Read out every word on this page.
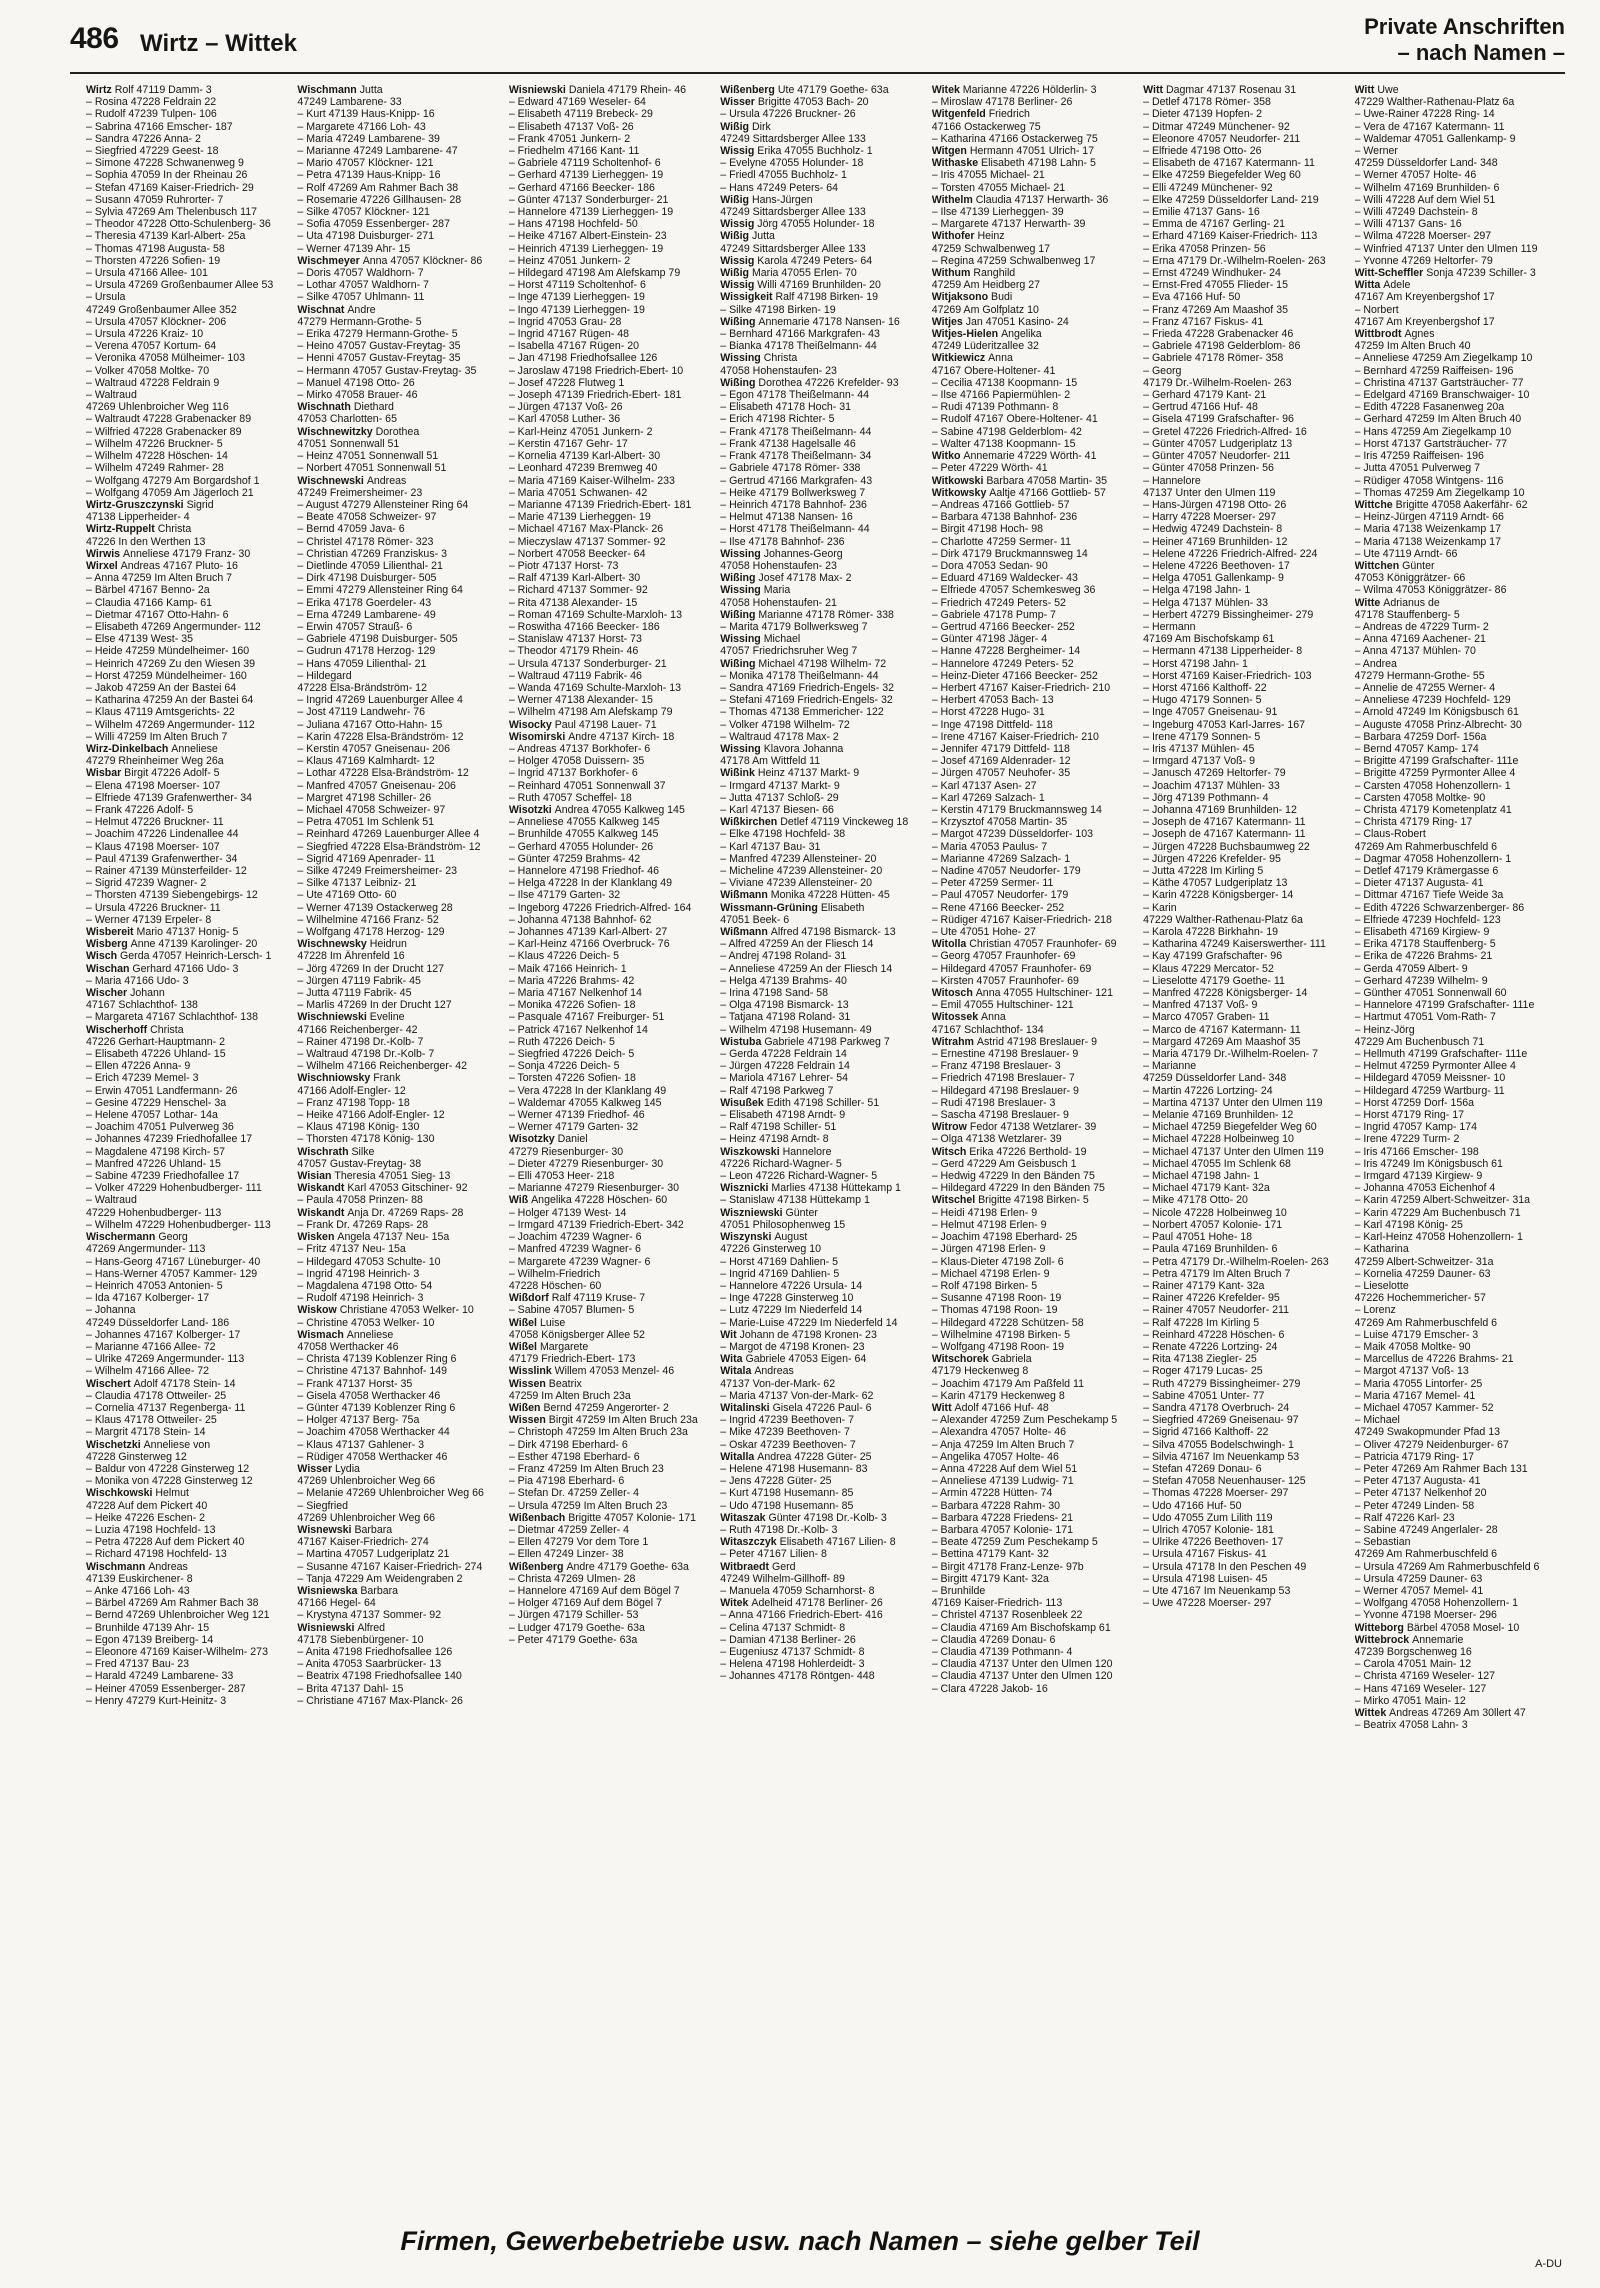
486 Wirtz – Wittek
Private Anschriften
– nach Namen –
Wirtz Rolf 47119 Damm- 3
– Rosina 47228 Feldrain 22
– Rudolf 47239 Tulpen- 106
– Sabrina 47166 Emscher- 187
– Sandra 47226 Anna- 2
– Siegfried 47229 Geest- 18
– Simone 47228 Schwanenweg 9
– Sophia 47059 In der Rheinau 26
– Stefan 47169 Kaiser-Friedrich- 29
– Susann 47059 Ruhrorter- 7
– Sylvia 47269 Am Thelenbusch 117
– Theodor 47228 Otto-Schulenberg- 36
– Theresia 47139 Karl-Albert- 25a
– Thomas 47198 Augusta- 58
– Thorsten 47226 Sofien- 19
– Ursula 47166 Allee- 101
– Ursula 47269 Großenbaumer Allee 53
– Ursula
47249 Großenbaumer Allee 352
– Ursula 47057 Klöckner- 206
– Ursula 47226 Kraiz- 10
– Verena 47057 Kortum- 64
– Veronika 47058 Mülheimer- 103
– Volker 47058 Moltke- 70
– Waltraud 47228 Feldrain 9
– Waltraud
47269 Uhlenbroicher Weg 116
– Waltraudt 47228 Grabenacker 89
– Wilfried 47228 Grabenacker 89
– Wilhelm 47226 Bruckner- 5
– Wilhelm 47228 Höschen- 14
– Wilhelm 47249 Rahmer- 28
– Wolfgang 47279 Am Borgardshof 1
– Wolfgang 47059 Am Jägerloch 21
Wirtz-Gruszczynski Sigrid
47138 Lipperheider- 4
Wirtz-Ruppelt Christa
47226 In den Werthen 13
Wirwis Anneliese 47179 Franz- 30
Wirxel Andreas 47167 Pluto- 16
– Anna 47259 Im Alten Bruch 7
– Bärbel 47167 Benno- 2a
– Claudia 47166 Kamp- 61
– Dietmar 47167 Otto-Hahn- 6
– Elisabeth 47269 Angermunder- 112
– Else 47139 West- 35
– Heide 47259 Mündelheimer- 160
– Heinrich 47269 Zu den Wiesen 39
– Horst 47259 Mündelheimer- 160
– Jakob 47259 An der Bastei 64
– Katharina 47259 An der Bastei 64
– Klaus 47119 Amtsgerichts- 22
– Wilhelm 47269 Angermunder- 112
– Willi 47259 Im Alten Bruch 7
Wirz-Dinkelbach Anneliese
47279 Rheinheimer Weg 26a
Wisbar Birgit 47226 Adolf- 5
– Elena 47198 Moerser- 107
– Elfriede 47139 Grafenwerther- 34
– Frank 47226 Adolf- 5
– Helmut 47226 Bruckner- 11
– Joachim 47226 Lindenallee 44
– Klaus 47198 Moerser- 107
– Paul 47139 Grafenwerther- 34
– Rainer 47139 Münsterfeilder- 12
– Sigrid 47239 Wagner- 2
– Thorsten 47139 Siebengebirgs- 12
– Ursula 47226 Bruckner- 11
– Werner 47139 Erpeler- 8
Wisbereit Mario 47137 Honig- 5
Wisberg Anne 47139 Karolinger- 20
Wisch Gerda 47057 Heinrich-Lersch- 1
Wischan Gerhard 47166 Udo- 3
– Maria 47166 Udo- 3
Wischer Johann
47167 Schlachthof- 138
– Margareta 47167 Schlachthof- 138
Wischerhoff Christa
47226 Gerhart-Hauptmann- 2
– Elisabeth 47226 Uhland- 15
– Ellen 47226 Anna- 9
– Erich 47239 Memel- 3
– Erwin 47051 Landfermann- 26
– Gesine 47229 Henschel- 3a
– Helene 47057 Lothar- 14a
– Joachim 47051 Pulverweg 36
– Johannes 47239 Friedhofallee 17
– Magdalene 47198 Kirch- 57
– Manfred 47226 Uhland- 15
– Sabine 47239 Friedhofallee 17
– Volker 47229 Hohenbudberger- 111
– Waltraud
47229 Hohenbudberger- 113
– Wilhelm 47229 Hohenbudberger- 113
Wischermann Georg
47269 Angermunder- 113
– Hans-Georg 47167 Lüneburger- 40
– Hans-Werner 47057 Kammer- 129
– Heinrich 47053 Antonien- 5
– Ida 47167 Kolberger- 17
– Johanna
47249 Düsseldorfer Land- 186
– Johannes 47167 Kolberger- 17
– Marianne 47166 Allee- 72
– Ulrike 47269 Angermunder- 113
– Wilhelm 47166 Allee- 72
Wischert Adolf 47178 Stein- 14
– Claudia 47178 Ottweiler- 25
– Cornelia 47137 Regenberga- 11
– Klaus 47178 Ottweiler- 25
– Margrit 47178 Stein- 14
Wischetzki Anneliese von
47228 Ginsterweg 12
– Baldur von 47228 Ginsterweg 12
– Monika von 47228 Ginsterweg 12
Wischkowski Helmut
47228 Auf dem Pickert 40
– Heike 47226 Eschen- 2
– Luzia 47198 Hochfeld- 13
– Petra 47228 Auf dem Pickert 40
– Richard 47198 Hochfeld- 13
Wischmann Andreas
47139 Euskirchener- 8
– Anke 47166 Loh- 43
– Bärbel 47269 Am Rahmer Bach 38
– Bernd 47269 Uhlenbroicher Weg 121
– Brunhilde 47139 Ahr- 15
– Egon 47139 Breiberg- 14
– Eleonore 47169 Kaiser-Wilhelm- 273
– Fred 47137 Bau- 23
– Harald 47249 Lambarene- 33
– Heiner 47059 Essenberger- 287
– Henry 47279 Kurt-Heinitz- 3
Wischmann Jutta
47249 Lambarene- 33
– Kurt 47139 Haus-Knipp- 16
– Margarete 47166 Loh- 43
– Maria 47249 Lambarene- 39
– Marianne 47249 Lambarene- 47
– Mario 47057 Klöckner- 121
– Petra 47139 Haus-Knipp- 16
– Rolf 47269 Am Rahmer Bach 38
– Rosemarie 47226 Gillhausen- 28
– Silke 47057 Klöckner- 121
– Sofia 47059 Essenberger- 287
– Uta 47198 Duisburger- 271
– Werner 47139 Ahr- 15
Wischmeyer Anna 47057 Klöckner- 86
– Doris 47057 Waldhorn- 7
– Lothar 47057 Waldhorn- 7
– Silke 47057 Uhlmann- 11
Wischnat Andre
47279 Hermann-Grothe- 5
– Erika 47279 Hermann-Grothe- 5
– Heino 47057 Gustav-Freytag- 35
– Henni 47057 Gustav-Freytag- 35
– Hermann 47057 Gustav-Freytag- 35
– Manuel 47198 Otto- 26
– Mirko 47058 Brauer- 46
Wischnath Diethard
47053 Charlotten- 65
Wischnewitzky Dorothea
47051 Sonnenwall 51
– Heinz 47051 Sonnenwall 51
– Norbert 47051 Sonnenwall 51
Wischnewski Andreas
47249 Freimersheimer- 23
– August 47279 Allensteiner Ring 64
– Beate 47058 Schweizer- 97
– Bernd 47059 Java- 6
– Christel 47178 Römer- 323
– Christian 47269 Franziskus- 3
– Dietlinde 47059 Lilienthal- 21
– Dirk 47198 Duisburger- 505
– Emmi 47279 Allensteiner Ring 64
– Erika 47178 Goerdeler- 43
– Erna 47249 Lambarene- 49
– Erwin 47057 Strauß- 6
– Gabriele 47198 Duisburger- 505
– Gudrun 47178 Herzog- 129
– Hans 47059 Lilienthal- 21
– Hildegard
47228 Elsa-Brändström- 12
– Ingrid 47269 Lauenburger Allee 4
– Jost 47119 Landwehr- 76
– Juliana 47167 Otto-Hahn- 15
– Karin 47228 Elsa-Brändström- 12
– Kerstin 47057 Gneisenau- 206
– Klaus 47169 Kalmhardt- 12
– Lothar 47228 Elsa-Brändström- 12
– Manfred 47057 Gneisenau- 206
– Margret 47198 Schiller- 26
– Michael 47058 Schweizer- 97
– Petra 47051 Im Schlenk 51
– Reinhard 47269 Lauenburger Allee 4
– Siegfried 47228 Elsa-Brändström- 12
– Sigrid 47169 Apenrader- 11
– Silke 47249 Freimersheimer- 23
– Silke 47137 Leibniz- 21
– Ute 47169 Otto- 60
– Werner 47139 Ostackerweg 28
– Wilhelmine 47166 Franz- 52
– Wolfgang 47178 Herzog- 129
Wischnewsky Heidrun
47228 Im Ährenfeld 16
– Jörg 47269 In der Drucht 127
– Jürgen 47119 Fabrik- 45
– Jutta 47119 Fabrik- 45
– Marlis 47269 In der Drucht 127
Wischniewski Eveline
47166 Reichenberger- 42
– Rainer 47198 Dr.-Kolb- 7
– Waltraud 47198 Dr.-Kolb- 7
– Wilhelm 47166 Reichenberger- 42
Wischniowsky Frank
47166 Adolf-Engler- 12
– Franz 47198 Topp- 18
– Heike 47166 Adolf-Engler- 12
– Klaus 47198 König- 130
– Thorsten 47178 König- 130
Wischrath Silke
47057 Gustav-Freytag- 38
Wisian Theresia 47051 Sieg- 13
Wiskandt Karl 47053 Gitschiner- 92
– Paula 47058 Prinzen- 88
Wiskandt Anja Dr. 47269 Raps- 28
– Frank Dr. 47269 Raps- 28
Wisken Angela 47137 Neu- 15a
– Fritz 47137 Neu- 15a
– Hildegard 47053 Schulte- 10
– Ingrid 47198 Heinrich- 3
– Magdalena 47198 Otto- 54
– Rudolf 47198 Heinrich- 3
Wiskow Christiane 47053 Welker- 10
– Christine 47053 Welker- 10
Wismach Anneliese
47058 Werthacker 46
– Christa 47139 Koblenzer Ring 6
– Christine 47137 Bahnhof- 149
– Frank 47137 Horst- 35
– Gisela 47058 Werthacker 46
– Günter 47139 Koblenzer Ring 6
– Holger 47137 Berg- 75a
– Joachim 47058 Werthacker 44
– Klaus 47137 Gahlener- 3
– Rüdiger 47058 Werthacker 46
Wisser Lydia
47269 Uhlenbroicher Weg 66
– Melanie 47269 Uhlenbroicher Weg 66
– Siegfried
47269 Uhlenbroicher Weg 66
Wisnewski Barbara
47167 Kaiser-Friedrich- 274
– Martina 47057 Ludgeriplatz 21
– Susanne 47167 Kaiser-Friedrich- 274
– Tanja 47229 Am Weidengraben 2
Wisniewska Barbara
47166 Hegel- 64
– Krystyna 47137 Sommer- 92
Wisniewski Alfred
47178 Siebenbürgener- 10
– Anita 47198 Friedhofsallee 126
– Anita 47053 Saarbrücker- 13
– Beatrix 47198 Friedhofsallee 140
– Brita 47137 Dahl- 15
– Christiane 47167 Max-Planck- 26
Wisniewski Daniela 47179 Rhein- 46
– Edward 47169 Weseler- 64
– Elisabeth 47119 Brebeck- 29
– Elisabeth 47137 Voß- 26
– Frank 47051 Junkern- 2
– Friedhelm 47166 Kant- 11
– Gabriele 47119 Scholtenhof- 6
– Gerhard 47139 Lierheggen- 19
– Gerhard 47166 Beecker- 186
– Günter 47137 Sonderburger- 21
– Hannelore 47139 Lierheggen- 19
– Hans 47198 Hochfeld- 50
– Heike 47167 Albert-Einstein- 23
– Heinrich 47139 Lierheggen- 19
– Heinz 47051 Junkern- 2
– Hildegard 47198 Am Alefskamp 79
– Horst 47119 Scholtenhof- 6
– Inge 47139 Lierheggen- 19
– Ingo 47139 Lierheggen- 19
– Ingrid 47053 Grau- 28
– Ingrid 47167 Rügen- 48
– Isabella 47167 Rügen- 20
– Jan 47198 Friedhofsallee 126
– Jaroslaw 47198 Friedrich-Ebert- 10
– Josef 47228 Flutweg 1
– Joseph 47139 Friedrich-Ebert- 181
– Jürgen 47137 Voß- 26
– Karl 47058 Luther- 36
– Karl-Heinz 47051 Junkern- 2
– Kerstin 47167 Gehr- 17
– Kornelia 47139 Karl-Albert- 30
– Leonhard 47239 Bremweg 40
– Maria 47169 Kaiser-Wilhelm- 233
– Maria 47051 Schwanen- 42
– Marianne 47139 Friedrich-Ebert- 181
– Marie 47139 Lierheggen- 19
– Michael 47167 Max-Planck- 26
– Mieczyslaw 47137 Sommer- 92
– Norbert 47058 Beecker- 64
– Piotr 47137 Horst- 73
– Ralf 47139 Karl-Albert- 30
– Richard 47137 Sommer- 92
– Rita 47138 Alexander- 15
– Roman 47169 Schulte-Marxloh- 13
– Roswitha 47166 Beecker- 186
– Stanislaw 47137 Horst- 73
– Theodor 47179 Rhein- 46
– Ursula 47137 Sonderburger- 21
– Waltraud 47119 Fabrik- 46
– Wanda 47169 Schulte-Marxloh- 13
– Werner 47138 Alexander- 15
– Wilhelm 47198 Am Alefskamp 79
Wisocky Paul 47198 Lauer- 71
Wisomirski Andre 47137 Kirch- 18
– Andreas 47137 Borkhofer- 6
– Holger 47058 Duissern- 35
– Ingrid 47137 Borkhofer- 6
– Reinhard 47051 Sonnenwall 37
– Ruth 47057 Scheffel- 18
Wisotzki Andrea 47055 Kalkweg 145
– Anneliese 47055 Kalkweg 145
– Brunhilde 47055 Kalkweg 145
– Gerhard 47055 Holunder- 26
– Günter 47259 Brahms- 42
– Hannelore 47198 Friedhof- 46
– Helga 47228 In der Klanklang 49
– Ilse 47179 Garten- 32
– Ingeborg 47226 Friedrich-Alfred- 164
– Johanna 47138 Bahnhof- 62
– Johannes 47139 Karl-Albert- 27
– Karl-Heinz 47166 Overbruck- 76
– Klaus 47226 Deich- 5
– Maik 47166 Heinrich- 1
– Maria 47226 Brahms- 42
– Maria 47167 Nelkenhof 14
– Monika 47226 Sofien- 18
– Pasquale 47167 Freiburger- 51
– Patrick 47167 Nelkenhof 14
– Ruth 47226 Deich- 5
– Siegfried 47226 Deich- 5
– Sonja 47226 Deich- 5
– Torsten 47226 Sofien- 18
– Vera 47228 In der Klanklang 49
– Waldemar 47055 Kalkweg 145
– Werner 47139 Friedhof- 46
– Werner 47179 Garten- 32
Wisotzky Daniel
47279 Riesenburger- 30
– Dieter 47279 Riesenburger- 30
– Elli 47053 Heer- 218
– Marianne 47279 Riesenburger- 30
Wiß Angelika 47228 Höschen- 60
– Holger 47139 West- 14
– Irmgard 47139 Friedrich-Ebert- 342
– Joachim 47239 Wagner- 6
– Manfred 47239 Wagner- 6
– Margarete 47239 Wagner- 6
– Wilhelm-Friedrich
47228 Höschen- 60
Wißdorf Ralf 47119 Kruse- 7
– Sabine 47057 Blumen- 5
Wißel Luise
47058 Königsberger Allee 52
Wißel Margarete
47179 Friedrich-Ebert- 173
Wisslink Willem 47053 Menzel- 46
Wissen Beatrix
47259 Im Alten Bruch 23a
Wißen Bernd 47259 Angerorter- 2
Wissen Birgit 47259 Im Alten Bruch 23a
– Christoph 47259 Im Alten Bruch 23a
– Dirk 47198 Eberhard- 6
– Esther 47198 Eberhard- 6
– Franz 47259 Im Alten Bruch 23
– Pia 47198 Eberhard- 6
– Stefan Dr. 47259 Zeller- 4
– Ursula 47259 Im Alten Bruch 23
Wißenbach Brigitte 47057 Kolonie- 171
– Dietmar 47259 Zeller- 4
– Ellen 47279 Vor dem Tore 1
– Ellen 47249 Linzer- 38
Wißenberg Andre 47179 Goethe- 63a
– Christa 47269 Ulmen- 28
– Hannelore 47169 Auf dem Bögel 7
– Holger 47169 Auf dem Bögel 7
– Jürgen 47179 Schiller- 53
– Ludger 47179 Goethe- 63a
– Peter 47179 Goethe- 63a
Wißenberg Ute 47179 Goethe- 63a
Wisser Brigitte 47053 Bach- 20
– Ursula 47226 Bruckner- 26
Wißig Dirk
47249 Sittardsberger Allee 133
Wissig Erika 47055 Buchholz- 1
– Evelyne 47055 Holunder- 18
– Friedl 47055 Buchholz- 1
– Hans 47249 Peters- 64
Wißig Hans-Jürgen
47249 Sittardsberger Allee 133
Wissig Jörg 47055 Holunder- 18
Wißig Jutta
47249 Sittardsberger Allee 133
Wissig Karola 47249 Peters- 64
Wißig Maria 47055 Erlen- 70
Wissig Willi 47169 Brunhilden- 20
Wissigkeit Ralf 47198 Birken- 19
– Silke 47198 Birken- 19
Wißing Annemarie 47178 Nansen- 16
– Bernhard 47166 Markgrafen- 43
– Bianka 47178 Theißelmann- 44
Wissing Christa
47058 Hohenstaufen- 23
Wißing Dorothea 47226 Krefelder- 93
– Egon 47178 Theißelmann- 44
– Elisabeth 47178 Hoch- 31
– Erich 47198 Richter- 5
– Frank 47178 Theißelmann- 44
– Frank 47138 Hagelsalle 46
– Frank 47178 Theißelmann- 34
– Gabriele 47178 Römer- 338
– Gertrud 47166 Markgrafen- 43
– Heike 47179 Bollwerksweg 7
– Heinrich 47178 Bahnhof- 236
– Helmut 47138 Nansen- 16
– Horst 47178 Theißelmann- 44
– Ilse 47178 Bahnhof- 236
Wissing Johannes-Georg
47058 Hohenstaufen- 23
Wißing Josef 47178 Max- 2
Wissing Maria
47058 Hohenstaufen- 21
Wißing Marianne 47178 Römer- 338
– Marita 47179 Bollwerksweg 7
Wissing Michael
47057 Friedrichsruher Weg 7
Wißing Michael 47198 Wilhelm- 72
– Monika 47178 Theißelmann- 44
– Sandra 47169 Friedrich-Engels- 32
– Stefani 47169 Friedrich-Engels- 32
– Thomas 47138 Emmericher- 122
– Volker 47198 Wilhelm- 72
– Waltraud 47178 Max- 2
Wissing Klavora Johanna
47178 Am Wittfeld 11
Wißink Heinz 47137 Markt- 9
– Irmgard 47137 Markt- 9
– Jutta 47137 Schloß- 29
– Karl 47137 Biesen- 66
Wißkirchen Detlef 47119 Vinckeweg 18
– Elke 47198 Hochfeld- 38
– Karl 47137 Bau- 31
– Manfred 47239 Allensteiner- 20
– Micheline 47239 Allensteiner- 20
– Viviane 47239 Allensteiner- 20
Wißmann Monika 47228 Hütten- 45
Wissmann-Grüning Elisabeth
47051 Beek- 6
Wißmann Alfred 47198 Bismarck- 13
– Alfred 47259 An der Fliesch 14
– Andrej 47198 Roland- 31
– Anneliese 47259 An der Fliesch 14
– Helga 47139 Brahms- 40
– Irina 47198 Sand- 58
– Olga 47198 Bismarck- 13
– Tatjana 47198 Roland- 31
– Wilhelm 47198 Husemann- 49
Wistuba Gabriele 47198 Parkweg 7
– Gerda 47228 Feldrain 14
– Jürgen 47228 Feldrain 14
– Mariola 47167 Lehrer- 54
– Ralf 47198 Parkweg 7
Wisußek Edith 47198 Schiller- 51
– Elisabeth 47198 Arndt- 9
– Ralf 47198 Schiller- 51
– Heinz 47198 Arndt- 8
Wiszkowski Hannelore
47226 Richard-Wagner- 5
– Leon 47226 Richard-Wagner- 5
Wisznicki Marlies 47138 Hüttekamp 1
– Stanislaw 47138 Hüttekamp 1
Wiszniewski Günter
47051 Philosophenweg 15
Wiszynski August
47226 Ginsterweg 10
– Horst 47169 Dahlien- 5
– Ingrid 47169 Dahlien- 5
– Hannelore 47226 Ursula- 14
– Inge 47228 Ginsterweg 10
– Lutz 47229 Im Niederfeld 14
– Marie-Luise 47229 Im Niederfeld 14
Wit Johann de 47198 Kronen- 23
– Margot de 47198 Kronen- 23
Wita Gabriele 47053 Eigen- 64
Witala Andreas
47137 Von-der-Mark- 62
– Maria 47137 Von-der-Mark- 62
Witalinski Gisela 47226 Paul- 6
– Ingrid 47239 Beethoven- 7
– Mike 47239 Beethoven- 7
– Oskar 47239 Beethoven- 7
Witalla Andrea 47228 Güter- 25
– Helene 47198 Husemann- 83
– Jens 47228 Güter- 25
– Kurt 47198 Husemann- 85
– Udo 47198 Husemann- 85
Witaszak Günter 47198 Dr.-Kolb- 3
– Ruth 47198 Dr.-Kolb- 3
Witaszczyk Elisabeth 47167 Lilien- 8
– Peter 47167 Lilien- 8
Witbraedt Gerd
47249 Wilhelm-Gillhoff- 89
– Manuela 47059 Scharnhorst- 8
Witek Adelheid 47178 Berliner- 26
– Anna 47166 Friedrich-Ebert- 416
– Celina 47137 Schmidt- 8
– Damian 47138 Berliner- 26
– Eugeniusz 47137 Schmidt- 8
– Helena 47198 Hohlerdeidt- 3
– Johannes 47178 Röntgen- 448
Witek Marianne 47226 Hölderlin- 3
– Miroslaw 47178 Berliner- 26
Witgenfeld Friedrich
47166 Ostackerweg 75
– Katharina 47166 Ostackerweg 75
Witgen Hermann 47051 Ulrich- 17
Withaske Elisabeth 47198 Lahn- 5
– Iris 47055 Michael- 21
– Torsten 47055 Michael- 21
Withelm Claudia 47137 Herwarth- 36
– Ilse 47139 Lierheggen- 39
– Margarete 47137 Herwarth- 39
Withofer Heinz
47259 Schwalbenweg 17
– Regina 47259 Schwalbenweg 17
Withum Ranghild
47259 Am Heidberg 27
Witjaksono Budi
47269 Am Golfplatz 10
Witjes Jan 47051 Kasino- 24
Witjes-Hielen Angelika
47249 Lüderitzallee 32
Witkiewicz Anna
47167 Obere-Holtener- 41
– Cecilia 47138 Koopmann- 15
– Ilse 47166 Papiermühlen- 2
– Rudi 47139 Pothmann- 8
– Rudolf 47167 Obere-Holtener- 41
– Sabine 47198 Gelderblom- 42
– Walter 47138 Koopmann- 15
Witko Annemarie 47229 Wörth- 41
– Peter 47229 Wörth- 41
Witkowski Barbara 47058 Martin- 35
Witkowsky Aaltje 47166 Gottlieb- 57
– Andreas 47166 Gottlieb- 57
– Barbara 47138 Bahnhof- 236
– Birgit 47198 Hoch- 98
– Charlotte 47259 Sermer- 11
– Dirk 47179 Bruckmannsweg 14
– Dora 47053 Sedan- 90
– Eduard 47169 Waldecker- 43
– Elfriede 47057 Schemkesweg 36
– Friedrich 47249 Peters- 52
– Gabriele 47178 Pump- 7
– Gertrud 47166 Beecker- 252
– Günter 47198 Jäger- 4
– Hanne 47228 Bergheimer- 14
– Hannelore 47249 Peters- 52
– Heinz-Dieter 47166 Beecker- 252
– Herbert 47167 Kaiser-Friedrich- 210
– Herbert 47053 Bach- 13
– Horst 47228 Hugo- 31
– Inge 47198 Dittfeld- 118
– Irene 47167 Kaiser-Friedrich- 210
– Jennifer 47179 Dittfeld- 118
– Josef 47169 Aldenrader- 12
– Jürgen 47057 Neuhofer- 35
– Karl 47137 Asen- 27
– Karl 47269 Salzach- 1
– Kerstin 47179 Bruckmannsweg 14
– Krzysztof 47058 Martin- 35
– Margot 47239 Düsseldorfer- 103
– Maria 47053 Paulus- 7
– Marianne 47269 Salzach- 1
– Nadine 47057 Neudorfer- 179
– Peter 47259 Sermer- 11
– Paul 47057 Neudorfer- 179
– Rene 47166 Beecker- 252
– Rüdiger 47167 Kaiser-Friedrich- 218
– Ute 47051 Hohe- 27
Witolla Christian 47057 Fraunhofer- 69
– Georg 47057 Fraunhofer- 69
– Hildegard 47057 Fraunhofer- 69
– Kirsten 47057 Fraunhofer- 69
Witosch Anna 47055 Hultschiner- 121
– Emil 47055 Hultschiner- 121
Witossek Anna
47167 Schlachthof- 134
Witrahm Astrid 47198 Breslauer- 9
– Ernestine 47198 Breslauer- 9
– Franz 47198 Breslauer- 3
– Friedrich 47198 Breslauer- 7
– Hildegard 47198 Breslauer- 9
– Rudi 47198 Breslauer- 3
– Sascha 47198 Breslauer- 9
Witrow Fedor 47138 Wetzlarer- 39
– Olga 47138 Wetzlarer- 39
Witsch Erika 47226 Berthold- 19
– Gerd 47229 Am Geisbusch 1
– Hedwig 47229 In den Bänden 75
– Hildegard 47229 In den Bänden 75
Witschel Brigitte 47198 Birken- 5
– Heidi 47198 Erlen- 9
– Helmut 47198 Erlen- 9
– Joachim 47198 Eberhard- 25
– Jürgen 47198 Erlen- 9
– Klaus-Dieter 47198 Zoll- 6
– Michael 47198 Erlen- 9
– Rolf 47198 Birken- 5
– Susanne 47198 Roon- 19
– Thomas 47198 Roon- 19
– Hildegard 47228 Schützen- 58
– Wilhelmine 47198 Birken- 5
– Wolfgang 47198 Roon- 19
Witschorek Gabriela
47179 Heckenweg 8
– Joachim 47179 Am Paßfeld 11
– Karin 47179 Heckenweg 8
Witt Adolf 47166 Huf- 48
– Alexander 47259 Zum Peschekamp 5
– Alexandra 47057 Holte- 46
– Anja 47259 Im Alten Bruch 7
– Angelika 47057 Holte- 46
– Anna 47228 Auf dem Wiel 51
– Anneliese 47139 Ludwig- 71
– Armin 47228 Hütten- 74
– Barbara 47228 Rahm- 30
– Barbara 47228 Friedens- 21
– Barbara 47057 Kolonie- 171
– Beate 47259 Zum Peschekamp 5
– Bettina 47179 Kant- 32
– Birgit 47178 Franz-Lenze- 97b
– Birgitt 47179 Kant- 32a
– Brunhilde
47169 Kaiser-Friedrich- 113
– Christel 47137 Rosenbleek 22
– Claudia 47169 Am Bischofskamp 61
– Claudia 47269 Donau- 6
– Claudia 47139 Pothmann- 4
– Claudia 47137 Unter den Ulmen 120
– Claudia 47137 Unter den Ulmen 120
– Clara 47228 Jakob- 16
Witt Dagmar 47137 Rosenau 31
– Detlef 47178 Römer- 358
– Dieter 47139 Hopfen- 2
– Ditmar 47249 Münchener- 92
– Eleonore 47057 Neudorfer- 211
– Elfriede 47198 Otto- 26
– Elisabeth de 47167 Katermann- 11
– Elke 47259 Biegefelder Weg 60
– Elli 47249 Münchener- 92
– Elke 47259 Düsseldorfer Land- 219
– Emilie 47137 Gans- 16
– Emma de 47167 Gerling- 21
– Erhard 47169 Kaiser-Friedrich- 113
– Erika 47058 Prinzen- 56
– Erna 47179 Dr.-Wilhelm-Roelen- 263
– Ernst 47249 Windhuker- 24
– Ernst-Fred 47055 Flieder- 15
– Eva 47166 Huf- 50
– Franz 47269 Am Maashof 35
– Franz 47167 Fiskus- 41
– Frieda 47228 Grabenacker 46
– Gabriele 47198 Gelderblom- 86
– Gabriele 47178 Römer- 358
– Georg
47179 Dr.-Wilhelm-Roelen- 263
– Gerhard 47179 Kant- 21
– Gertrud 47166 Huf- 48
– Gisela 47199 Grafschafter- 96
– Gretel 47226 Friedrich-Alfred- 16
– Günter 47057 Ludgeriplatz 13
– Günter 47057 Neudorfer- 211
– Günter 47058 Prinzen- 56
– Hannelore
47137 Unter den Ulmen 119
– Hans-Jürgen 47198 Otto- 26
– Harry 47228 Moerser- 297
– Hedwig 47249 Dachstein- 8
– Heiner 47169 Brunhilden- 12
– Helene 47226 Friedrich-Alfred- 224
– Helene 47226 Beethoven- 17
– Helga 47051 Gallenkamp- 9
– Helga 47198 Jahn- 1
– Helga 47137 Mühlen- 33
– Herbert 47279 Bissingheimer- 279
– Hermann
47169 Am Bischofskamp 61
– Hermann 47138 Lipperheider- 8
– Horst 47198 Jahn- 1
– Horst 47169 Kaiser-Friedrich- 103
– Horst 47166 Kalthoff- 22
– Hugo 47179 Sonnen- 5
– Inge 47057 Gneisenau- 91
– Ingeburg 47053 Karl-Jarres- 167
– Irene 47179 Sonnen- 5
– Iris 47137 Mühlen- 45
– Irmgard 47137 Voß- 9
– Janusch 47269 Heltorfer- 79
– Joachim 47137 Mühlen- 33
– Jörg 47139 Pothmann- 4
– Johanna 47169 Brunhilden- 12
– Joseph de 47167 Katermann- 11
– Joseph de 47167 Katermann- 11
– Jürgen 47228 Buchsbaumweg 22
– Jürgen 47226 Krefelder- 95
– Jutta 47228 Im Kirling 5
– Käthe 47057 Ludgeriplatz 13
– Karin 47228 Königsberger- 14
– Karin
47229 Walther-Rathenau-Platz 6a
– Karola 47228 Birkhahn- 19
– Katharina 47249 Kaiserswerther- 111
– Kay 47199 Grafschafter- 96
– Klaus 47229 Mercator- 52
– Lieselotte 47179 Goethe- 11
– Manfred 47228 Königsberger- 14
– Manfred 47137 Voß- 9
– Marco 47057 Graben- 11
– Marco de 47167 Katermann- 11
– Margard 47269 Am Maashof 35
– Maria 47179 Dr.-Wilhelm-Roelen- 7
– Marianne
47259 Düsseldorfer Land- 348
– Martin 47226 Lortzing- 24
– Martina 47137 Unter den Ulmen 119
– Melanie 47169 Brunhilden- 12
– Michael 47259 Biegefelder Weg 60
– Michael 47228 Holbeinweg 10
– Michael 47137 Unter den Ulmen 119
– Michael 47055 Im Schlenk 68
– Michael 47198 Jahn- 1
– Michael 47179 Kant- 32a
– Mike 47178 Otto- 20
– Nicole 47228 Holbeinweg 10
– Norbert 47057 Kolonie- 171
– Paul 47051 Hohe- 18
– Paula 47169 Brunhilden- 6
– Petra 47179 Dr.-Wilhelm-Roelen- 263
– Petra 47179 Im Alten Bruch 7
– Rainer 47179 Kant- 32a
– Rainer 47226 Krefelder- 95
– Rainer 47057 Neudorfer- 211
– Ralf 47228 Im Kirling 5
– Reinhard 47228 Höschen- 6
– Renate 47226 Lortzing- 24
– Rita 47138 Ziegler- 25
– Roger 47179 Lucas- 25
– Ruth 47279 Bissingheimer- 279
– Sabine 47051 Unter- 77
– Sandra 47178 Overbruch- 24
– Siegfried 47269 Gneisenau- 97
– Sigrid 47166 Kalthoff- 22
– Silva 47055 Bodelschwingh- 1
– Silvia 47167 Im Neuenkamp 53
– Stefan 47269 Donau- 6
– Stefan 47058 Neuenhauser- 125
– Thomas 47228 Moerser- 297
– Udo 47166 Huf- 50
– Udo 47055 Zum Lilith 119
– Ulrich 47057 Kolonie- 181
– Ulrike 47226 Beethoven- 17
– Ursula 47167 Fiskus- 41
– Ursula 47178 In den Peschen 49
– Ursula 47198 Luisen- 45
– Ute 47167 Im Neuenkamp 53
– Uwe 47228 Moerser- 297
Witt Uwe
47229 Walther-Rathenau-Platz 6a
– Uwe-Rainer 47228 Ring- 14
– Vera de 47167 Katermann- 11
– Waldemar 47051 Gallenkamp- 9
– Werner
47259 Düsseldorfer Land- 348
– Werner 47057 Holte- 46
– Wilhelm 47169 Brunhilden- 6
– Willi 47228 Auf dem Wiel 51
– Willi 47249 Dachstein- 8
– Willi 47137 Gans- 16
– Wilma 47228 Moerser- 297
– Winfried 47137 Unter den Ulmen 119
– Yvonne 47269 Heltorfer- 79
Witt-Scheffler Sonja 47239 Schiller- 3
Witta Adele
47167 Am Kreyenbergshof 17
– Norbert
47167 Am Kreyenbergshof 17
Wittbrodt Agnes
47259 Im Alten Bruch 40
– Anneliese 47259 Am Ziegelkamp 10
– Bernhard 47259 Raiffeisen- 196
– Christina 47137 Gartsträucher- 77
– Edelgard 47169 Branschwaiger- 10
– Edith 47228 Fasanenweg 20a
– Gerhard 47259 Im Alten Bruch 40
– Hans 47259 Am Ziegelkamp 10
– Horst 47137 Gartsträucher- 77
– Iris 47259 Raiffeisen- 196
– Jutta 47051 Pulverweg 7
– Rüdiger 47058 Wintgens- 116
– Thomas 47259 Am Ziegelkamp 10
Wittche Brigitte 47058 Aakerfähr- 62
– Heinz-Jürgen 47119 Arndt- 66
– Maria 47138 Weizenkamp 17
– Maria 47138 Weizenkamp 17
– Ute 47119 Arndt- 66
Wittchen Günter
47053 Königgrätzer- 66
– Wilma 47053 Königgrätzer- 86
Witte Adrianus de
47178 Stauffenberg- 5
– Andreas de 47229 Turm- 2
– Anna 47169 Aachener- 21
– Anna 47137 Mühlen- 70
– Andrea
47279 Hermann-Grothe- 55
– Annelie de 47255 Werner- 4
– Anneliese 47239 Hochfeld- 129
– Arnold 47249 Im Königsbusch 61
– Auguste 47058 Prinz-Albrecht- 30
– Barbara 47259 Dorf- 156a
– Bernd 47057 Kamp- 174
– Brigitte 47199 Grafschafter- 111e
– Brigitte 47259 Pyrmonter Allee 4
– Carsten 47058 Hohenzollern- 1
– Carsten 47058 Moltke- 90
– Christa 47179 Kometenplatz 41
– Christa 47179 Ring- 17
– Claus-Robert
47269 Am Rahmerbuschfeld 6
– Dagmar 47058 Hohenzollern- 1
– Detlef 47179 Krämergasse 6
– Dieter 47137 Augusta- 41
– Dittmar 47167 Tiefe Weide 3a
– Edith 47226 Schwarzenberger- 86
– Elfriede 47239 Hochfeld- 123
– Elisabeth 47169 Kirgiew- 9
– Erika 47178 Stauffenberg- 5
– Erika de 47226 Brahms- 21
– Gerda 47059 Albert- 9
– Gerhard 47239 Wilhelm- 9
– Günther 47051 Sonnenwall 60
– Hannelore 47199 Grafschafter- 111e
– Hartmut 47051 Vom-Rath- 7
– Heinz-Jörg
47229 Am Buchenbusch 71
– Hellmuth 47199 Grafschafter- 111e
– Helmut 47259 Pyrmonter Allee 4
– Hildegard 47059 Meissner- 10
– Hildegard 47259 Wartburg- 11
– Horst 47259 Dorf- 156a
– Horst 47179 Ring- 17
– Ingrid 47057 Kamp- 174
– Irene 47229 Turm- 2
– Iris 47166 Emscher- 198
– Iris 47249 Im Königsbusch 61
– Irmgard 47139 Kirgiew- 9
– Johanna 47053 Eichenhof 4
– Karin 47259 Albert-Schweitzer- 31a
– Karin 47229 Am Buchenbusch 71
– Karl 47198 König- 25
– Karl-Heinz 47058 Hohenzollern- 1
– Katharina
47259 Albert-Schweitzer- 31a
– Kornelia 47259 Dauner- 63
– Lieselotte
47226 Hochemmericher- 57
– Lorenz
47269 Am Rahmerbuschfeld 6
– Luise 47179 Emscher- 3
– Maik 47058 Moltke- 90
– Marcellus de 47226 Brahms- 21
– Margot 47137 Voß- 13
– Maria 47055 Lintorfer- 25
– Maria 47167 Memel- 41
– Michael 47057 Kammer- 52
– Michael
47249 Swakopmunder Pfad 13
– Oliver 47279 Neidenburger- 67
– Patricia 47179 Ring- 17
– Peter 47269 Am Rahmer Bach 131
– Peter 47137 Augusta- 41
– Peter 47137 Nelkenhof 20
– Peter 47249 Linden- 58
– Ralf 47226 Karl- 23
– Sabine 47249 Angerlaler- 28
– Sebastian
47269 Am Rahmerbuschfeld 6
– Ursula 47269 Am Rahmerbuschfeld 6
– Ursula 47259 Dauner- 63
– Werner 47057 Memel- 41
– Wolfgang 47058 Hohenzollern- 1
– Yvonne 47198 Moerser- 296
Witteborg Bärbel 47058 Mosel- 10
Wittebrock Annemarie
47239 Borgschenweg 16
– Carola 47051 Main- 12
– Christa 47169 Weseler- 127
– Hans 47169 Weseler- 127
– Mirko 47051 Main- 12
Wittek Andreas 47269 Am 30llert 47
– Beatrix 47058 Lahn- 3
Firmen, Gewerbebetriebe usw. nach Namen – siehe gelber Teil
A-DU
